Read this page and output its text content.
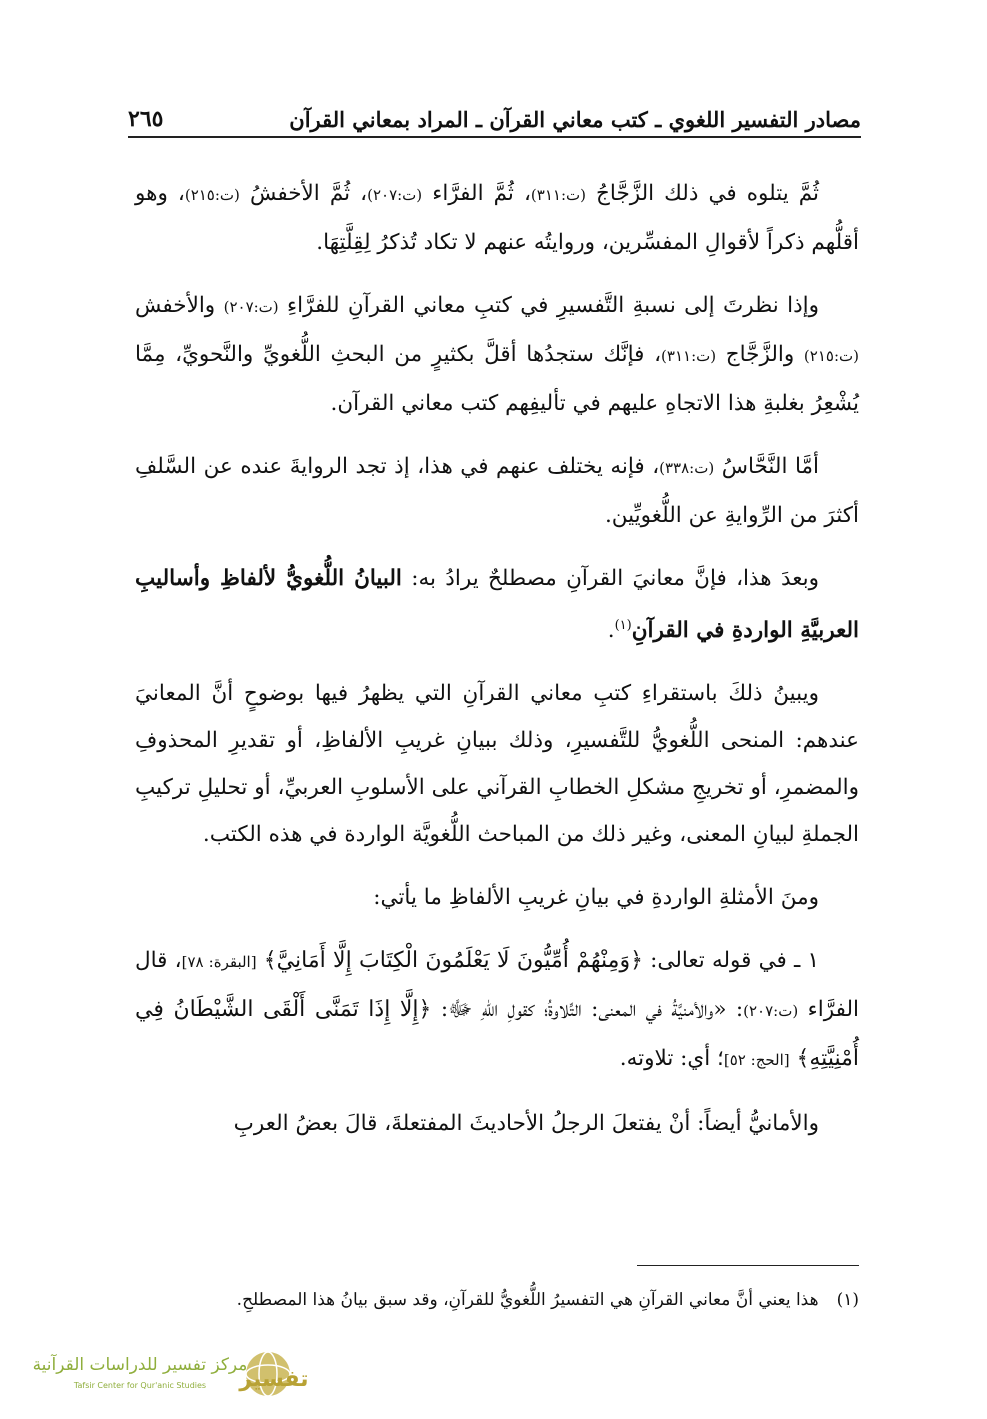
مصادر التفسير اللغوي ـ كتب معاني القرآن ـ المراد بمعاني القرآن
٢٦٥

ثُمَّ يتلوه في ذلك الزَّجَّاجُ (ت:٣١١)، ثُمَّ الفرَّاء (ت:٢٠٧)، ثُمَّ الأخفشُ (ت:٢١٥)، وهو أقلُّهم ذكراً لأقوالِ المفسِّرين، وروايتُه عنهم لا تكاد تُذكرُ لِقِلَّتِهَا.

وإذا نظرتَ إلى نسبةِ التَّفسيرِ في كتبِ معاني القرآنِ للفرَّاءِ (ت:٢٠٧) والأخفش (ت:٢١٥) والزَّجَّاج (ت:٣١١)، فإنَّك ستجدُها أقلَّ بكثيرٍ من البحثِ اللُّغويِّ والنَّحويِّ، مِمَّا يُشْعِرُ بغلبةِ هذا الاتجاهِ عليهم في تأليفِهم كتب معاني القرآن.

أمَّا النَّحَّاسُ (ت:٣٣٨)، فإنه يختلف عنهم في هذا، إذ تجد الروايةَ عنده عن السَّلفِ أكثرَ من الرِّوايةِ عن اللُّغويِّين.

وبعدَ هذا، فإنَّ معانيَ القرآنِ مصطلحٌ يرادُ به: البيانُ اللُّغويُّ لألفاظِ وأساليبِ العربيَّةِ الواردةِ في القرآنِ$^{(١)}$.

ويبينُ ذلكَ باستقراءِ كتبِ معاني القرآنِ التي يظهرُ فيها بوضوحٍ أنَّ المعانيَ عندهم: المنحى اللُّغويُّ للتَّفسيرِ، وذلك ببيانِ غريبِ الألفاظِ، أو تقديرِ المحذوفِ والمضمرِ، أو تخريجِ مشكلِ الخطابِ القرآني على الأسلوبِ العربيِّ، أو تحليلِ تركيبِ الجملةِ لبيانِ المعنى، وغير ذلك من المباحث اللُّغويَّة الواردة في هذه الكتب.

ومنَ الأمثلةِ الواردةِ في بيانِ غريبِ الألفاظِ ما يأتي:

١ ـ في قوله تعالى: ﴿وَمِنْهُمْ أُمِّيُّونَ لَا يَعْلَمُونَ الْكِتَابَ إِلَّا أَمَانِيَّ﴾ [البقرة: ٧٨]، قال الفرَّاء (ت:٢٠٧): «والأمنيَّةُ في المعنى: التِّلاوةُ؛ كقولِ اللهِ ﷻ: ﴿إِلَّا إِذَا تَمَنَّى أَلْقَى الشَّيْطَانُ فِي أُمْنِيَّتِهِ﴾ [الحج: ٥٢]؛ أي: تلاوته.

والأمانيُّ أيضاً: أنْ يفتعلَ الرجلُ الأحاديثَ المفتعلةَ، قالَ بعضُ العربِ

(١)
هذا يعني أنَّ معاني القرآنِ هي التفسيرُ اللُّغويُّ للقرآنِ، وقد سبق بيانُ هذا المصطلحِ.
تفسير
مركز تفسير للدراسات القرآنية
Tafsir Center for Qur'anic Studies
